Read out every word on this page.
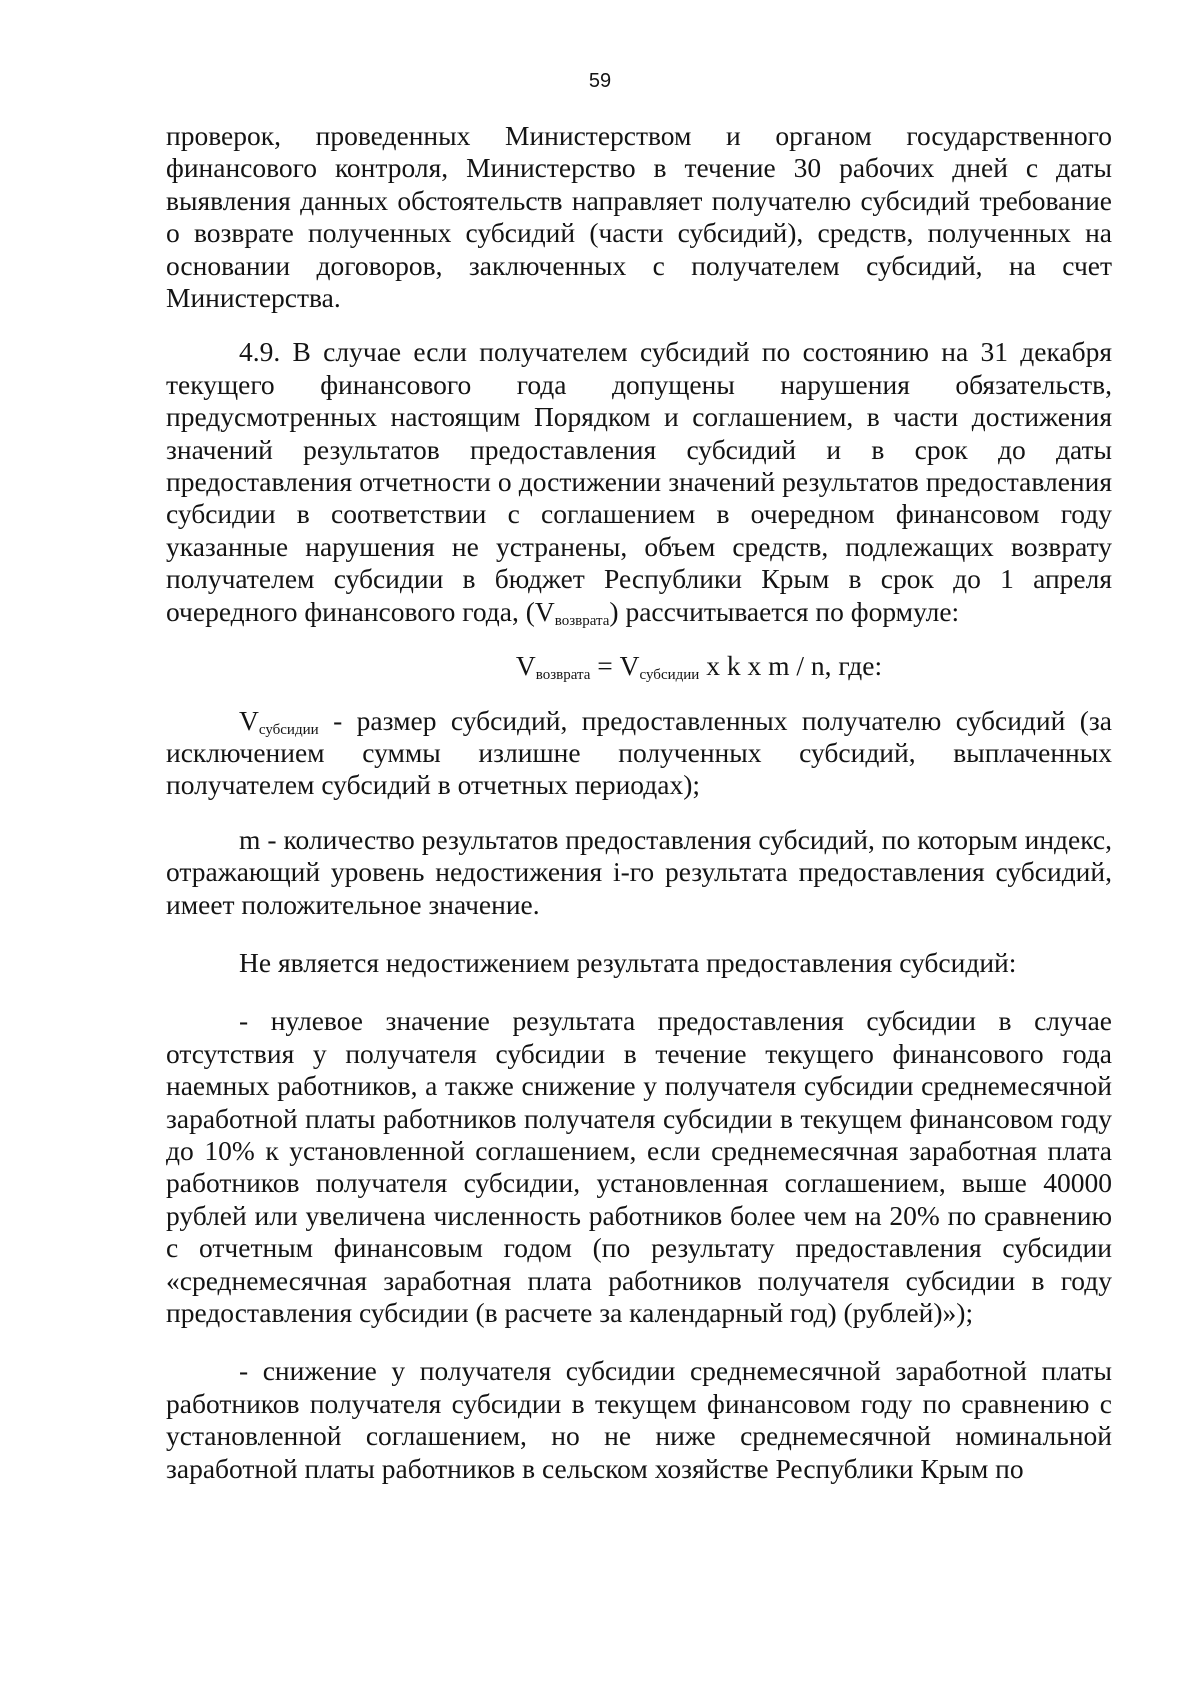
59

проверок, проведенных Министерством и органом государственного финансового контроля, Министерство в течение 30 рабочих дней с даты выявления данных обстоятельств направляет получателю субсидий требование о возврате полученных субсидий (части субсидий), средств, полученных на основании договоров, заключенных с получателем субсидий, на счет Министерства.

4.9. В случае если получателем субсидий по состоянию на 31 декабря текущего финансового года допущены нарушения обязательств, предусмотренных настоящим Порядком и соглашением, в части достижения значений результатов предоставления субсидий и в срок до даты предоставления отчетности о достижении значений результатов предоставления субсидии в соответствии с соглашением в очередном финансовом году указанные нарушения не устранены, объем средств, подлежащих возврату получателем субсидии в бюджет Республики Крым в срок до 1 апреля очередного финансового года, $(V_{возврата})$ рассчитывается по формуле:

$V_{возврата} = V_{субсидии}$ x k x m / n, где:

$V_{субсидии}$ - размер субсидий, предоставленных получателю субсидий (за исключением суммы излишне полученных субсидий, выплаченных получателем субсидий в отчетных периодах);

m - количество результатов предоставления субсидий, по которым индекс, отражающий уровень недостижения i-го результата предоставления субсидий, имеет положительное значение.

Не является недостижением результата предоставления субсидий:

- нулевое значение результата предоставления субсидии в случае отсутствия у получателя субсидии в течение текущего финансового года наемных работников, а также снижение у получателя субсидии среднемесячной заработной платы работников получателя субсидии в текущем финансовом году до 10% к установленной соглашением, если среднемесячная заработная плата работников получателя субсидии, установленная соглашением, выше 40000 рублей или увеличена численность работников более чем на 20% по сравнению с отчетным финансовым годом (по результату предоставления субсидии «среднемесячная заработная плата работников получателя субсидии в году предоставления субсидии (в расчете за календарный год) (рублей)»);

- снижение у получателя субсидии среднемесячной заработной платы работников получателя субсидии в текущем финансовом году по сравнению с установленной соглашением, но не ниже среднемесячной номинальной заработной платы работников в сельском хозяйстве Республики Крым по
